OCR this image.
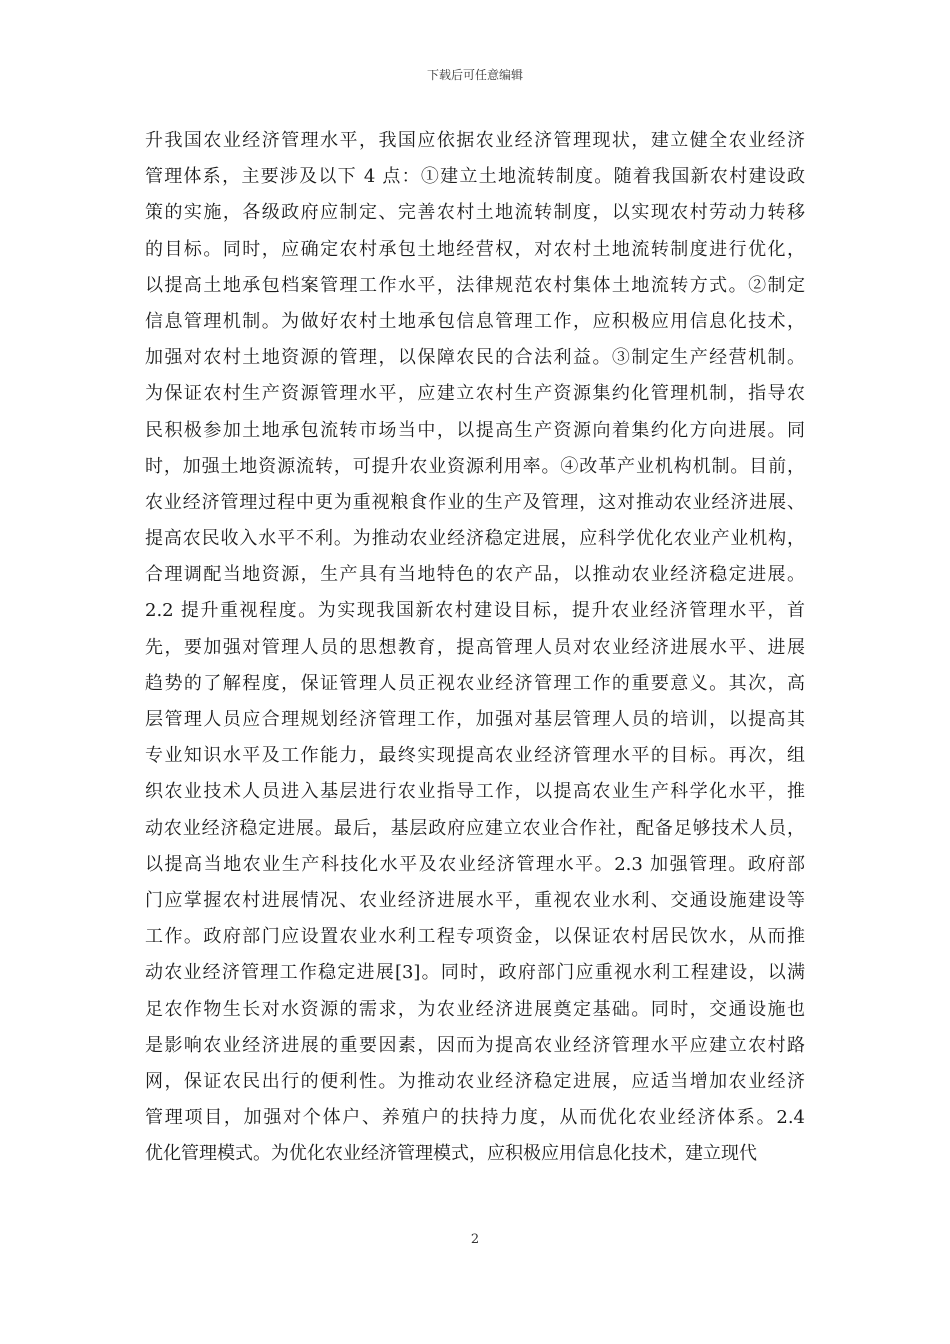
下载后可任意编辑
升我国农业经济管理水平，我国应依据农业经济管理现状，建立健全农业经济
管理体系，主要涉及以下 4 点：①建立土地流转制度。随着我国新农村建设政
策的实施，各级政府应制定、完善农村土地流转制度，以实现农村劳动力转移
的目标。同时，应确定农村承包土地经营权，对农村土地流转制度进行优化，
以提高土地承包档案管理工作水平，法律规范农村集体土地流转方式。②制定
信息管理机制。为做好农村土地承包信息管理工作，应积极应用信息化技术，
加强对农村土地资源的管理，以保障农民的合法利益。③制定生产经营机制。
为保证农村生产资源管理水平，应建立农村生产资源集约化管理机制，指导农
民积极参加土地承包流转市场当中，以提高生产资源向着集约化方向进展。同
时，加强土地资源流转，可提升农业资源利用率。④改革产业机构机制。目前，
农业经济管理过程中更为重视粮食作业的生产及管理，这对推动农业经济进展、
提高农民收入水平不利。为推动农业经济稳定进展，应科学优化农业产业机构，
合理调配当地资源，生产具有当地特色的农产品，以推动农业经济稳定进展。
2.2 提升重视程度。为实现我国新农村建设目标，提升农业经济管理水平，首
先，要加强对管理人员的思想教育，提高管理人员对农业经济进展水平、进展
趋势的了解程度，保证管理人员正视农业经济管理工作的重要意义。其次，高
层管理人员应合理规划经济管理工作，加强对基层管理人员的培训，以提高其
专业知识水平及工作能力，最终实现提高农业经济管理水平的目标。再次，组
织农业技术人员进入基层进行农业指导工作，以提高农业生产科学化水平，推
动农业经济稳定进展。最后，基层政府应建立农业合作社，配备足够技术人员，
以提高当地农业生产科技化水平及农业经济管理水平。2.3 加强管理。政府部
门应掌握农村进展情况、农业经济进展水平，重视农业水利、交通设施建设等
工作。政府部门应设置农业水利工程专项资金，以保证农村居民饮水，从而推
动农业经济管理工作稳定进展[3]。同时，政府部门应重视水利工程建设，以满
足农作物生长对水资源的需求，为农业经济进展奠定基础。同时，交通设施也
是影响农业经济进展的重要因素，因而为提高农业经济管理水平应建立农村路
网，保证农民出行的便利性。为推动农业经济稳定进展，应适当增加农业经济
管理项目，加强对个体户、养殖户的扶持力度，从而优化农业经济体系。2.4
优化管理模式。为优化农业经济管理模式，应积极应用信息化技术，建立现代
2
